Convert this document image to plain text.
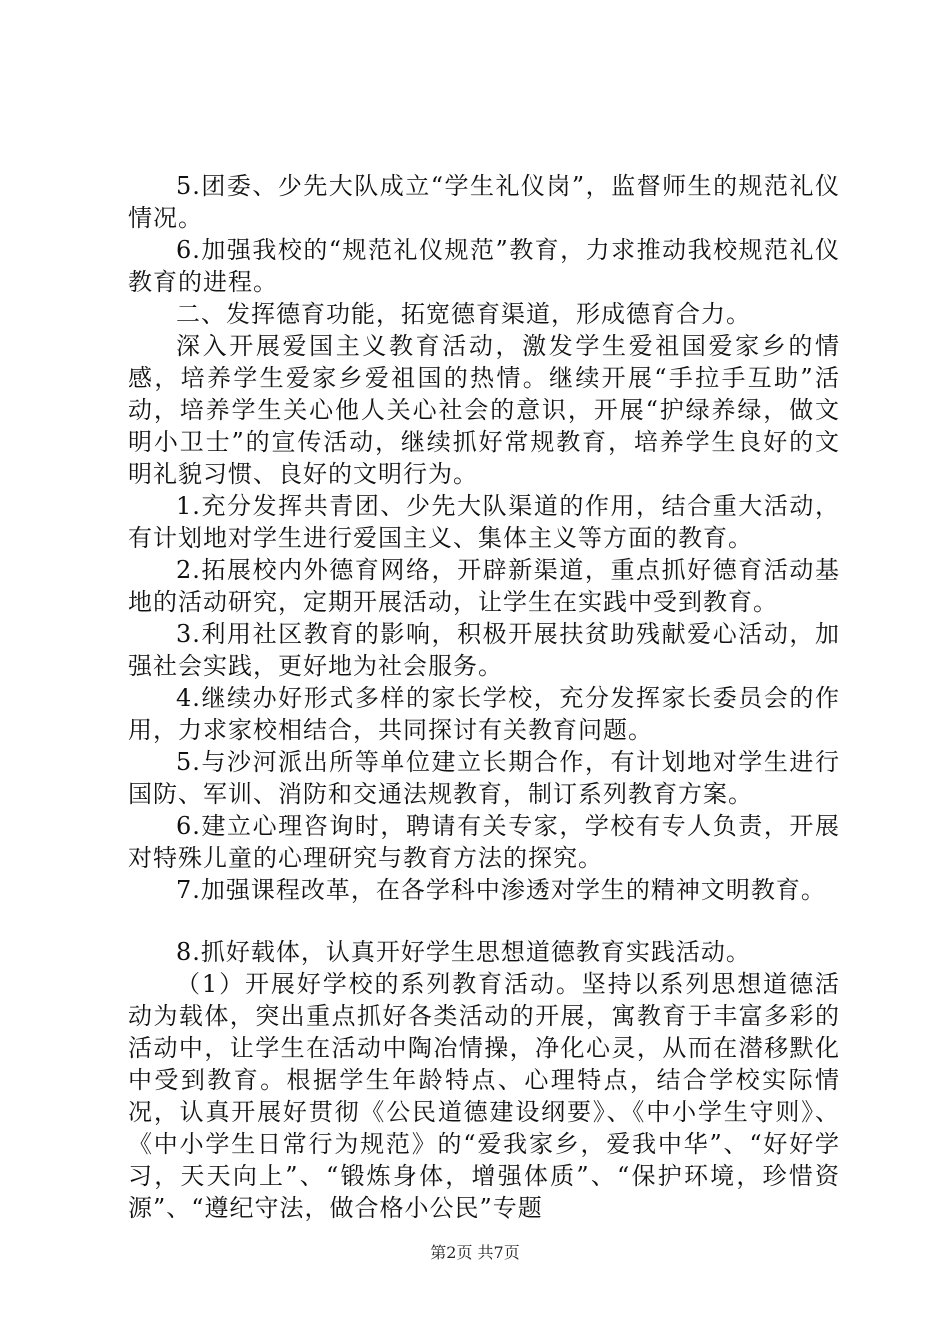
5.团委、少先大队成立“学生礼仪岗”，监督师生的规范礼仪情况。

6.加强我校的“规范礼仪规范”教育，力求推动我校规范礼仪教育的进程。

二、发挥德育功能，拓宽德育渠道，形成德育合力。

深入开展爱国主义教育活动，激发学生爱祖国爱家乡的情感，培养学生爱家乡爱祖国的热情。继续开展“手拉手互助”活动，培养学生关心他人关心社会的意识，开展“护绿养绿，做文明小卫士”的宣传活动，继续抓好常规教育，培养学生良好的文明礼貌习惯、良好的文明行为。

1.充分发挥共青团、少先大队渠道的作用，结合重大活动，有计划地对学生进行爱国主义、集体主义等方面的教育。

2.拓展校内外德育网络，开辟新渠道，重点抓好德育活动基地的活动研究，定期开展活动，让学生在实践中受到教育。

3.利用社区教育的影响，积极开展扶贫助残献爱心活动，加强社会实践，更好地为社会服务。

4.继续办好形式多样的家长学校，充分发挥家长委员会的作用，力求家校相结合，共同探讨有关教育问题。

5.与沙河派出所等单位建立长期合作，有计划地对学生进行国防、军训、消防和交通法规教育，制订系列教育方案。

6.建立心理咨询时，聘请有关专家，学校有专人负责，开展对特殊儿童的心理研究与教育方法的探究。

7.加强课程改革，在各学科中渗透对学生的精神文明教育。

8.抓好载体，认真开好学生思想道德教育实践活动。

（1）开展好学校的系列教育活动。坚持以系列思想道德活动为载体，突出重点抓好各类活动的开展，寓教育于丰富多彩的活动中，让学生在活动中陶冶情操，净化心灵，从而在潜移默化中受到教育。根据学生年龄特点、心理特点，结合学校实际情况，认真开展好贯彻《公民道德建设纲要》、《中小学生守则》、《中小学生日常行为规范》的“爱我家乡，爱我中华”、“好好学习，天天向上”、“锻炼身体，增强体质”、“保护环境，珍惜资源”、“遵纪守法，做合格小公民”专题

第2页 共7页
